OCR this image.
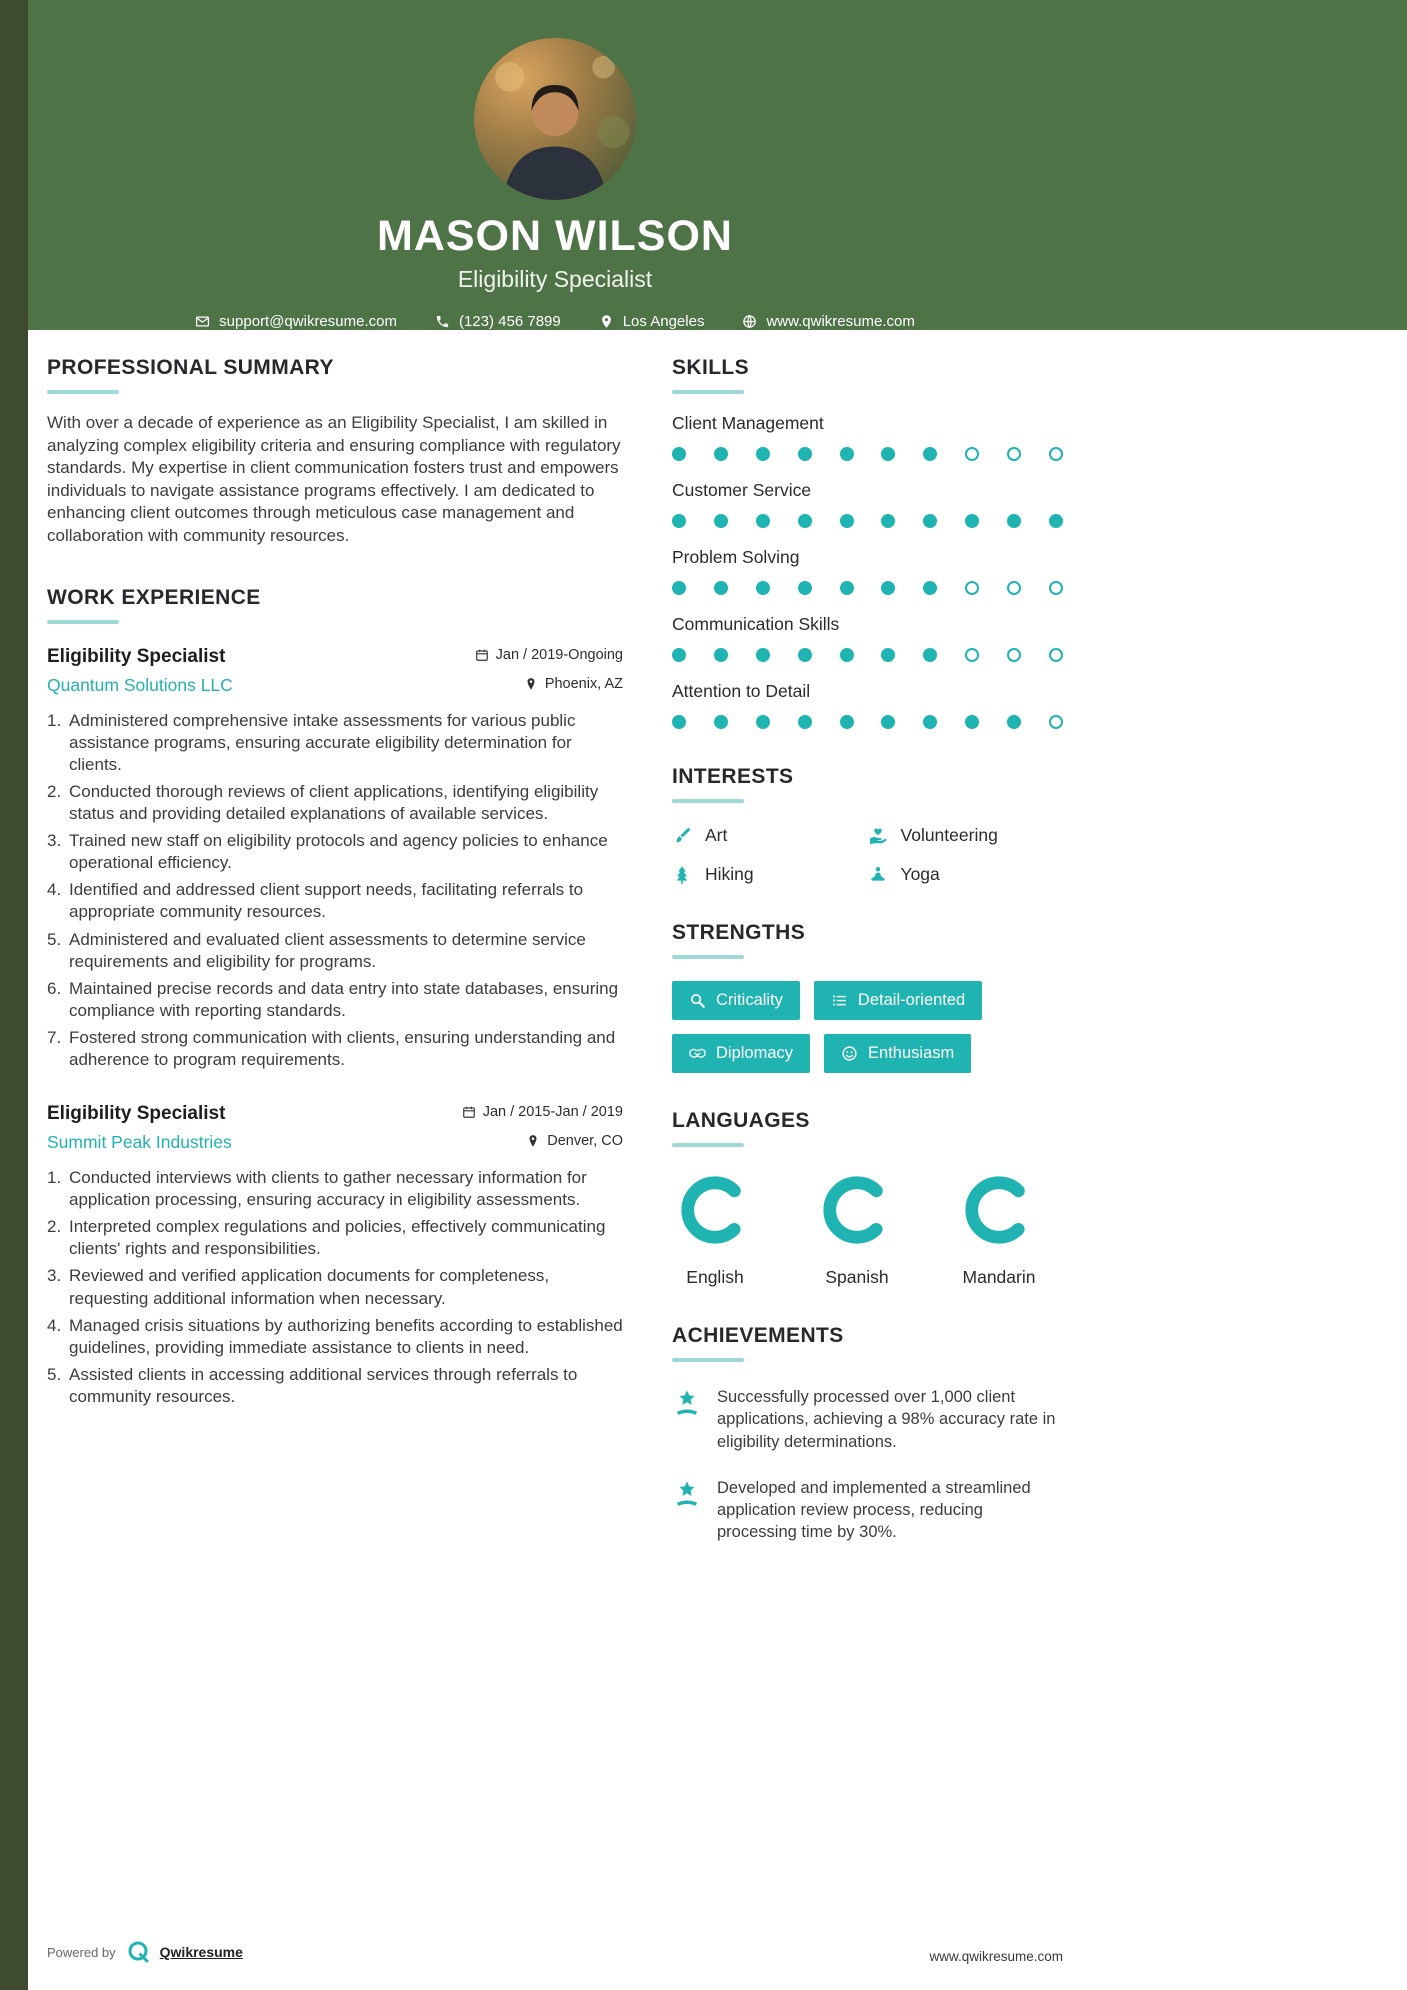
MASON WILSON
Eligibility Specialist
support@qwikresume.com	(123) 456 7899	Los Angeles	www.qwikresume.com
PROFESSIONAL SUMMARY

With over a decade of experience as an Eligibility Specialist, I am skilled in analyzing complex eligibility criteria and ensuring compliance with regulatory standards. My expertise in client communication fosters trust and empowers individuals to navigate assistance programs effectively. I am dedicated to enhancing client outcomes through meticulous case management and collaboration with community resources.

WORK EXPERIENCE
Eligibility Specialist	Jan / 2019-Ongoing
Quantum Solutions LLC	Phoenix, AZ
Administered comprehensive intake assessments for various public assistance programs, ensuring accurate eligibility determination for clients.
Conducted thorough reviews of client applications, identifying eligibility status and providing detailed explanations of available services.
Trained new staff on eligibility protocols and agency policies to enhance operational efficiency.
Identified and addressed client support needs, facilitating referrals to appropriate community resources.
Administered and evaluated client assessments to determine service requirements and eligibility for programs.
Maintained precise records and data entry into state databases, ensuring compliance with reporting standards.
Fostered strong communication with clients, ensuring understanding and adherence to program requirements.
Eligibility Specialist	Jan / 2015-Jan / 2019
Summit Peak Industries	Denver, CO
Conducted interviews with clients to gather necessary information for application processing, ensuring accuracy in eligibility assessments.
Interpreted complex regulations and policies, effectively communicating clients' rights and responsibilities.
Reviewed and verified application documents for completeness, requesting additional information when necessary.
Managed crisis situations by authorizing benefits according to established guidelines, providing immediate assistance to clients in need.
Assisted clients in accessing additional services through referrals to community resources.
SKILLS
Client Management
Customer Service
Problem Solving
Communication Skills
Attention to Detail
INTERESTS
Art	Volunteering
Hiking	Yoga
STRENGTHS
Criticality	Detail-oriented
Diplomacy	Enthusiasm
LANGUAGES
English	Spanish	Mandarin
ACHIEVEMENTS
Successfully processed over 1,000 client applications, achieving a 98% accuracy rate in eligibility determinations.
Developed and implemented a streamlined application review process, reducing processing time by 30%.
Powered by	Qwikresume	www.qwikresume.com
